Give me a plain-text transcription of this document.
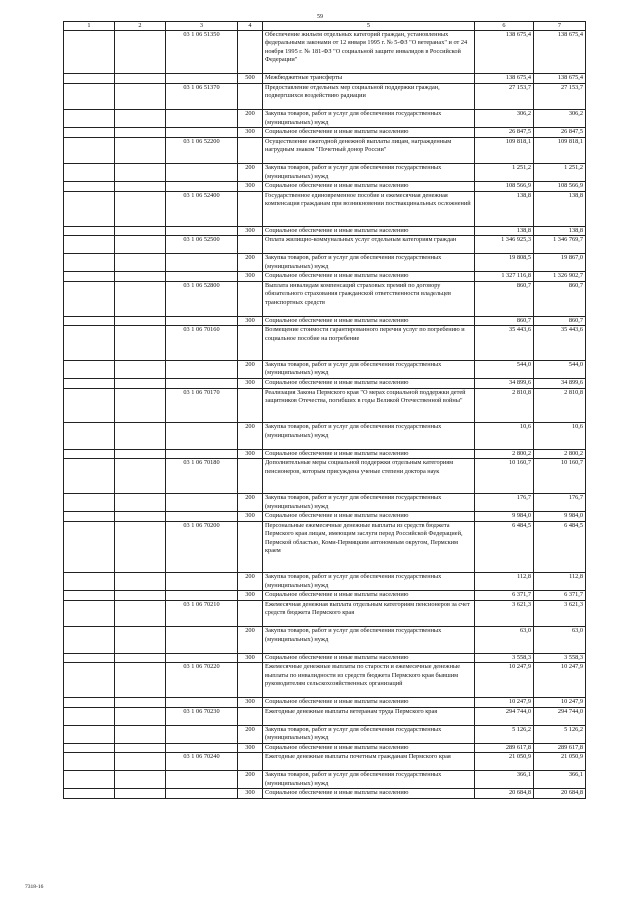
59
1	2	3	4	5	6	7
		03 1 06 51350		Обеспечение жильем отдельных категорий граждан, установленных федеральными законами от 12 января 1995 г. № 5-ФЗ "О ветеранах" и от 24 ноября 1995 г. № 181-ФЗ "О социальной защите инвалидов в Российской Федерации"	138 675,4	138 675,4
			500	Межбюджетные трансферты	138 675,4	138 675,4
		03 1 06 51370		Предоставление отдельных мер социальной поддержки граждан, подвергшихся воздействию радиации	27 153,7	27 153,7
			200	Закупка товаров, работ и услуг для обеспечения государственных (муниципальных) нужд	306,2	306,2
			300	Социальное обеспечение и иные выплаты населению	26 847,5	26 847,5
		03 1 06 52200		Осуществление ежегодной денежной выплаты лицам, награжденным нагрудным знаком "Почетный донор России"	109 818,1	109 818,1
			200	Закупка товаров, работ и услуг для обеспечения государственных (муниципальных) нужд	1 251,2	1 251,2
			300	Социальное обеспечение и иные выплаты населению	108 566,9	108 566,9
		03 1 06 52400		Государственное единовременное пособие и ежемесячная денежная компенсация гражданам при возникновении поствакцинальных осложнений	138,8	138,8
			300	Социальное обеспечение и иные выплаты населению	138,8	138,8
		03 1 06 52500		Оплата жилищно-коммунальных услуг отдельным категориям граждан	1 346 925,3	1 346 769,7
			200	Закупка товаров, работ и услуг для обеспечения государственных (муниципальных) нужд	19 808,5	19 867,0
			300	Социальное обеспечение и иные выплаты населению	1 327 116,8	1 326 902,7
		03 1 06 52800		Выплата инвалидам компенсаций страховых премий по договору обязательного страхования гражданской ответственности владельцев транспортных средств	860,7	860,7
			300	Социальное обеспечение и иные выплаты населению	860,7	860,7
		03 1 06 70160		Возмещение стоимости гарантированного перечня услуг по погребению и социальное пособие на погребение	35 443,6	35 443,6
			200	Закупка товаров, работ и услуг для обеспечения государственных (муниципальных) нужд	544,0	544,0
			300	Социальное обеспечение и иные выплаты населению	34 899,6	34 899,6
		03 1 06 70170		Реализация Закона Пермского края "О мерах социальной поддержки детей защитников Отечества, погибших в годы Великой Отечественной войны"	2 810,8	2 810,8
			200	Закупка товаров, работ и услуг для обеспечения государственных (муниципальных) нужд	10,6	10,6
			300	Социальное обеспечение и иные выплаты населению	2 800,2	2 800,2
		03 1 06 70180		Дополнительные меры социальной поддержки отдельным категориям пенсионеров, которым присуждена ученые степени доктора наук	10 160,7	10 160,7
			200	Закупка товаров, работ и услуг для обеспечения государственных (муниципальных) нужд	176,7	176,7
			300	Социальное обеспечение и иные выплаты населению	9 984,0	9 984,0
		03 1 06 70200		Персональные ежемесячные денежные выплаты из средств бюджета Пермского края лицам, имеющим заслуги перед Российской Федерацией, Пермской областью, Коми-Пермяцким автономным округом, Пермским краем	6 484,5	6 484,5
			200	Закупка товаров, работ и услуг для обеспечения государственных (муниципальных) нужд	112,8	112,8
			300	Социальное обеспечение и иные выплаты населению	6 371,7	6 371,7
		03 1 06 70210		Ежемесячная денежная выплата отдельным категориям пенсионеров за счет средств бюджета Пермского края	3 621,3	3 621,3
			200	Закупка товаров, работ и услуг для обеспечения государственных (муниципальных) нужд	63,0	63,0
			300	Социальное обеспечение и иные выплаты населению	3 558,3	3 558,3
		03 1 06 70220		Ежемесячные денежные выплаты по старости и ежемесячные денежные выплаты по инвалидности из средств бюджета Пермского края бывшим руководителям сельскохозяйственных организаций	10 247,9	10 247,9
			300	Социальное обеспечение и иные выплаты населению	10 247,9	10 247,9
		03 1 06 70230		Ежегодные денежные выплаты ветеранам труда Пермского края	294 744,0	294 744,0
			200	Закупка товаров, работ и услуг для обеспечения государственных (муниципальных) нужд	5 126,2	5 126,2
			300	Социальное обеспечение и иные выплаты населению	289 617,8	289 617,8
		03 1 06 70240		Ежегодные денежные выплаты почетным гражданам Пермского края	21 050,9	21 050,9
			200	Закупка товаров, работ и услуг для обеспечения государственных (муниципальных) нужд	366,1	366,1
			300	Социальное обеспечение и иные выплаты населению	20 684,8	20 684,8
7318-16
